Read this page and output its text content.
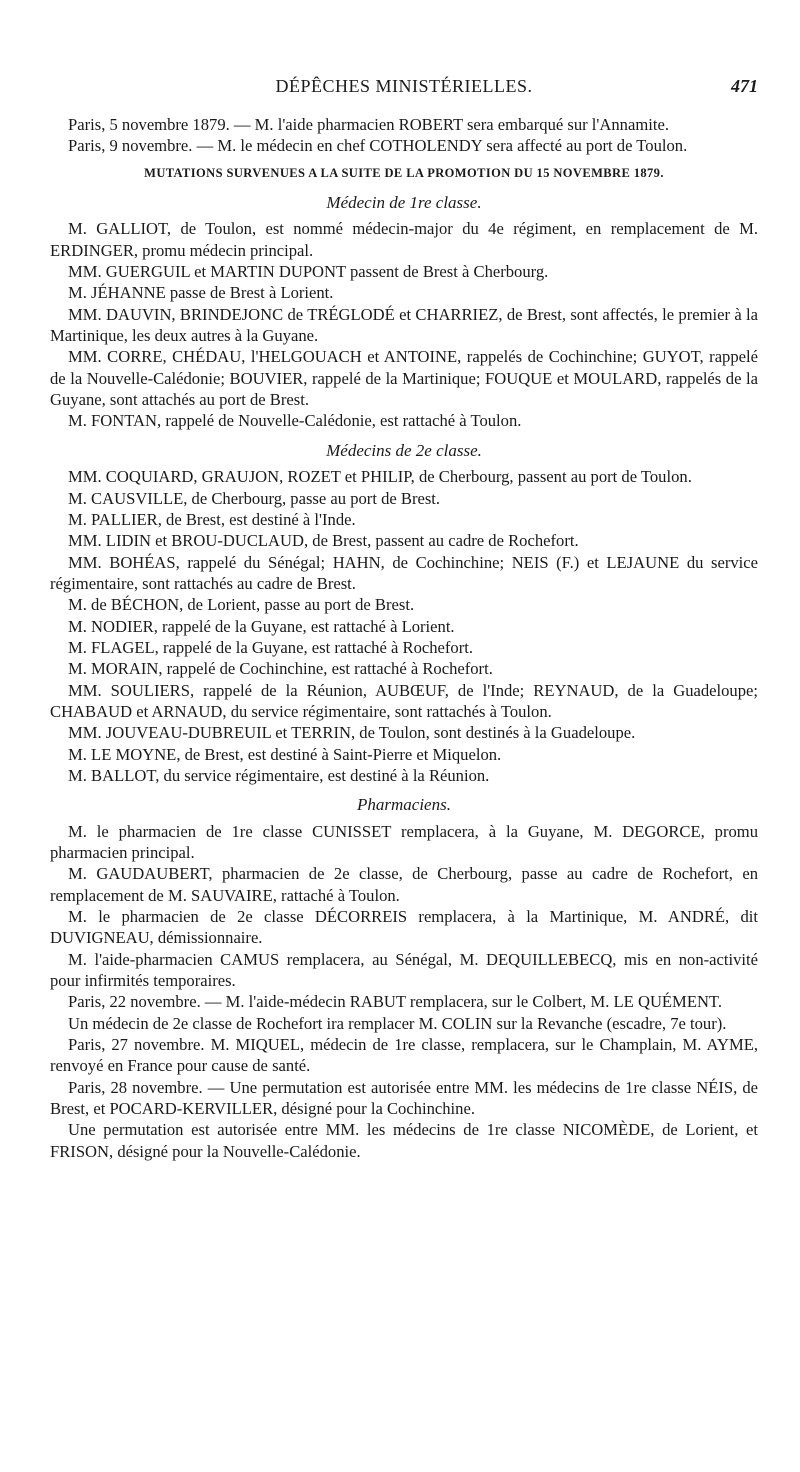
DÉPÊCHES MINISTÉRIELLES.	471

Paris, 5 novembre 1879. — M. l'aide pharmacien ROBERT sera embarqué sur l'Annamite.

Paris, 9 novembre. — M. le médecin en chef COTHOLENDY sera affecté au port de Toulon.

MUTATIONS SURVENUES A LA SUITE DE LA PROMOTION DU 15 NOVEMBRE 1879.
Médecin de 1re classe.

M. GALLIOT, de Toulon, est nommé médecin-major du 4e régiment, en remplacement de M. ERDINGER, promu médecin principal.

MM. GUERGUIL et MARTIN DUPONT passent de Brest à Cherbourg.

M. JÉHANNE passe de Brest à Lorient.

MM. DAUVIN, BRINDEJONC de TRÉGLODÉ et CHARRIEZ, de Brest, sont affectés, le premier à la Martinique, les deux autres à la Guyane.

MM. CORRE, CHÉDAU, l'HELGOUACH et ANTOINE, rappelés de Cochinchine; GUYOT, rappelé de la Nouvelle-Calédonie; BOUVIER, rappelé de la Martinique; FOUQUE et MOULARD, rappelés de la Guyane, sont attachés au port de Brest.

M. FONTAN, rappelé de Nouvelle-Calédonie, est rattaché à Toulon.

Médecins de 2e classe.

MM. COQUIARD, GRAUJON, ROZET et PHILIP, de Cherbourg, passent au port de Toulon.

M. CAUSVILLE, de Cherbourg, passe au port de Brest.

M. PALLIER, de Brest, est destiné à l'Inde.

MM. LIDIN et BROU-DUCLAUD, de Brest, passent au cadre de Rochefort.

MM. BOHÉAS, rappelé du Sénégal; HAHN, de Cochinchine; NEIS (F.) et LEJAUNE du service régimentaire, sont rattachés au cadre de Brest.

M. de BÉCHON, de Lorient, passe au port de Brest.

M. NODIER, rappelé de la Guyane, est rattaché à Lorient.

M. FLAGEL, rappelé de la Guyane, est rattaché à Rochefort.

M. MORAIN, rappelé de Cochinchine, est rattaché à Rochefort.

MM. SOULIERS, rappelé de la Réunion, AUBŒUF, de l'Inde; REYNAUD, de la Guadeloupe; CHABAUD et ARNAUD, du service régimentaire, sont rattachés à Toulon.

MM. JOUVEAU-DUBREUIL et TERRIN, de Toulon, sont destinés à la Guadeloupe.

M. LE MOYNE, de Brest, est destiné à Saint-Pierre et Miquelon.

M. BALLOT, du service régimentaire, est destiné à la Réunion.

Pharmaciens.

M. le pharmacien de 1re classe CUNISSET remplacera, à la Guyane, M. DEGORCE, promu pharmacien principal.

M. GAUDAUBERT, pharmacien de 2e classe, de Cherbourg, passe au cadre de Rochefort, en remplacement de M. SAUVAIRE, rattaché à Toulon.

M. le pharmacien de 2e classe DÉCORREIS remplacera, à la Martinique, M. ANDRÉ, dit DUVIGNEAU, démissionnaire.

M. l'aide-pharmacien CAMUS remplacera, au Sénégal, M. DEQUILLEBECQ, mis en non-activité pour infirmités temporaires.

Paris, 22 novembre. — M. l'aide-médecin RABUT remplacera, sur le Colbert, M. LE QUÉMENT.

Un médecin de 2e classe de Rochefort ira remplacer M. COLIN sur la Revanche (escadre, 7e tour).

Paris, 27 novembre. M. MIQUEL, médecin de 1re classe, remplacera, sur le Champlain, M. AYME, renvoyé en France pour cause de santé.

Paris, 28 novembre. — Une permutation est autorisée entre MM. les médecins de 1re classe NÉIS, de Brest, et POCARD-KERVILLER, désigné pour la Cochinchine.

Une permutation est autorisée entre MM. les médecins de 1re classe NICOMÈDE, de Lorient, et FRISON, désigné pour la Nouvelle-Calédonie.
